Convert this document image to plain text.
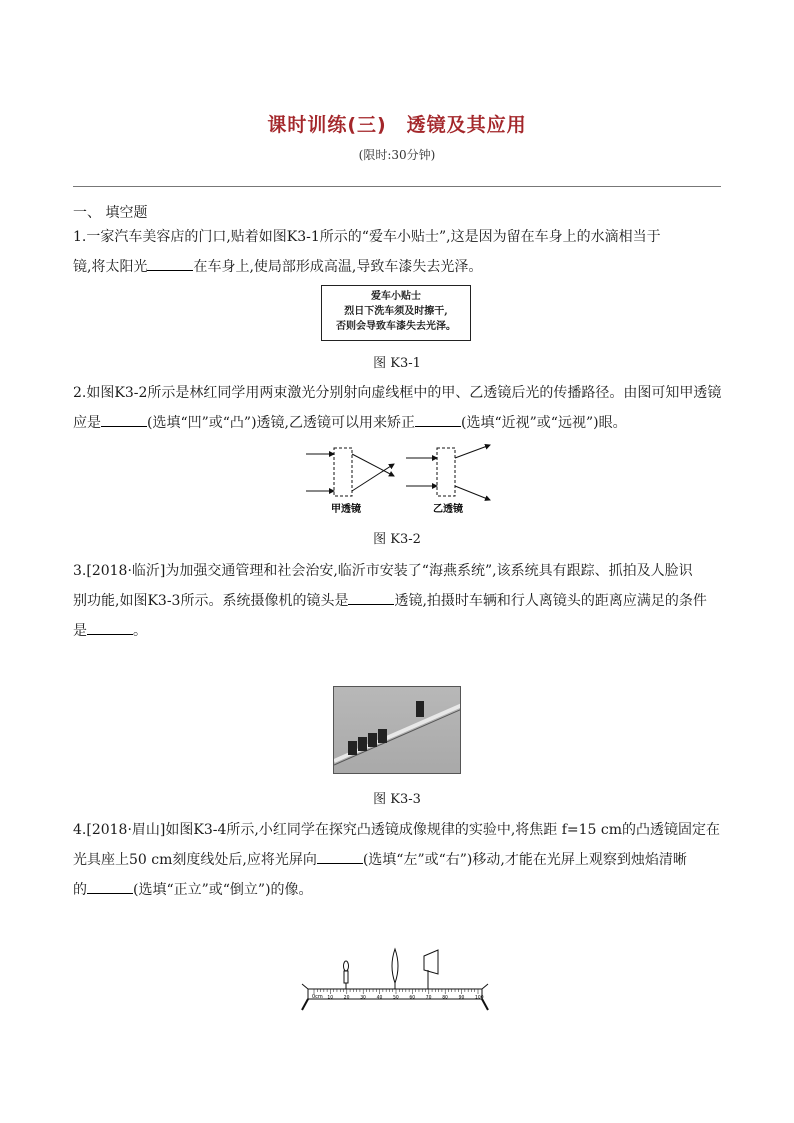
课时训练(三)　透镜及其应用
(限时:30分钟)
一、 填空题
1.一家汽车美容店的门口,贴着如图K3-1所示的“爱车小贴士”,这是因为留在车身上的水滴相当于
镜,将太阳光	在车身上,使局部形成高温,导致车漆失去光泽。
爱车小贴士
烈日下洗车须及时擦干,
否则会导致车漆失去光泽。
图 K3-1
2.如图K3-2所示是林红同学用两束激光分别射向虚线框中的甲、乙透镜后光的传播路径。由图可知甲透镜
应是	(选填“凹”或“凸”)透镜,乙透镜可以用来矫正	(选填“近视”或“远视”)眼。
甲透镜	乙透镜
图 K3-2
3.[2018·临沂]为加强交通管理和社会治安,临沂市安装了“海燕系统”,该系统具有跟踪、抓拍及人脸识
别功能,如图K3-3所示。系统摄像机的镜头是	透镜,拍摄时车辆和行人离镜头的距离应满足的条件
是	。
图 K3-3
4.[2018·眉山]如图K3-4所示,小红同学在探究凸透镜成像规律的实验中,将焦距 f=15 cm的凸透镜固定在
光具座上50 cm刻度线处后,应将光屏向	(选填“左”或“右”)移动,才能在光屏上观察到烛焰清晰
的	(选填“正立”或“倒立”)的像。
10 20 30 40 50 60 70 80 90 100
0cm
